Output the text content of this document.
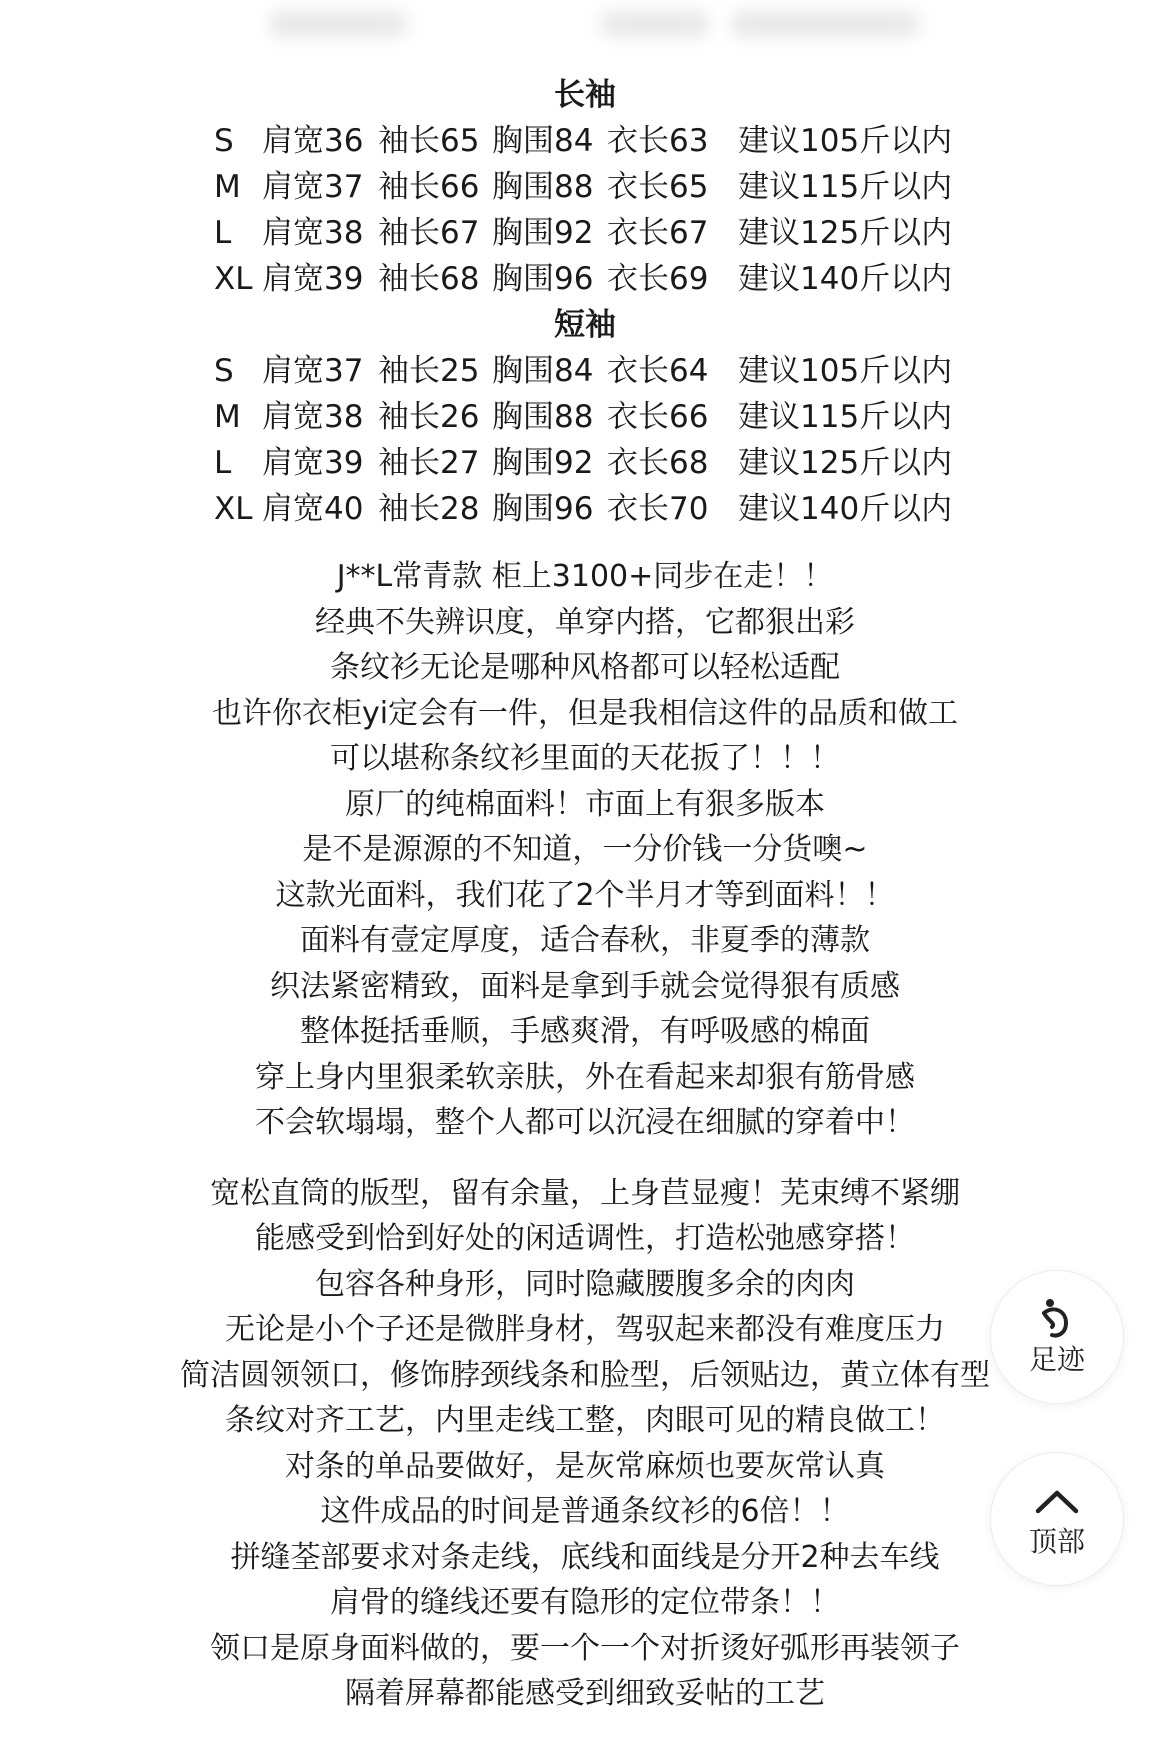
长袖
S 肩宽36 袖长65 胸围84 衣长63 建议105斤以内
M 肩宽37 袖长66 胸围88 衣长65 建议115斤以内
L 肩宽38 袖长67 胸围92 衣长67 建议125斤以内
XL 肩宽39 袖长68 胸围96 衣长69 建议140斤以内
短袖
S 肩宽37 袖长25 胸围84 衣长64 建议105斤以内
M 肩宽38 袖长26 胸围88 衣长66 建议115斤以内
L 肩宽39 袖长27 胸围92 衣长68 建议125斤以内
XL 肩宽40 袖长28 胸围96 衣长70 建议140斤以内
J**L常青款 柜上3100+同步在走！！
经典不失辨识度，单穿内搭，它都狠出彩
条纹衫无论是哪种风格都可以轻松适配
也许你衣柜yi定会有一件，但是我相信这件的品质和做工
可以堪称条纹衫里面的天花扳了！！！
原厂的纯棉面料！市面上有狠多版本
是不是源源的不知道，一分价钱一分货噢~
这款光面料，我们花了2个半月才等到面料！！
面料有壹定厚度，适合春秋，非夏季的薄款
织法紧密精致，面料是拿到手就会觉得狠有质感
整体挺括垂顺，手感爽滑，有呼吸感的棉面
穿上身内里狠柔软亲肤，外在看起来却狠有筋骨感
不会软塌塌，整个人都可以沉浸在细腻的穿着中！
宽松直筒的版型，留有余量，上身苣显瘦！芜束缚不紧绷
能感受到恰到好处的闲适调性，打造松弛感穿搭！
包容各种身形，同时隐藏腰腹多余的肉肉
无论是小个子还是微胖身材，驾驭起来都没有难度压力
简洁圆领领口，修饰脖颈线条和脸型，后领贴边，黄立体有型
条纹对齐工艺，内里走线工整，肉眼可见的精良做工！
对条的单品要做好，是灰常麻烦也要灰常认真
这件成品的时间是普通条纹衫的6倍！！
拼缝荃部要求对条走线，底线和面线是分开2种去车线
肩骨的缝线还要有隐形的定位带条！！
领口是原身面料做的，要一个一个对折烫好弧形再装领子
隔着屏幕都能感受到细致妥帖的工艺
足迹
顶部
